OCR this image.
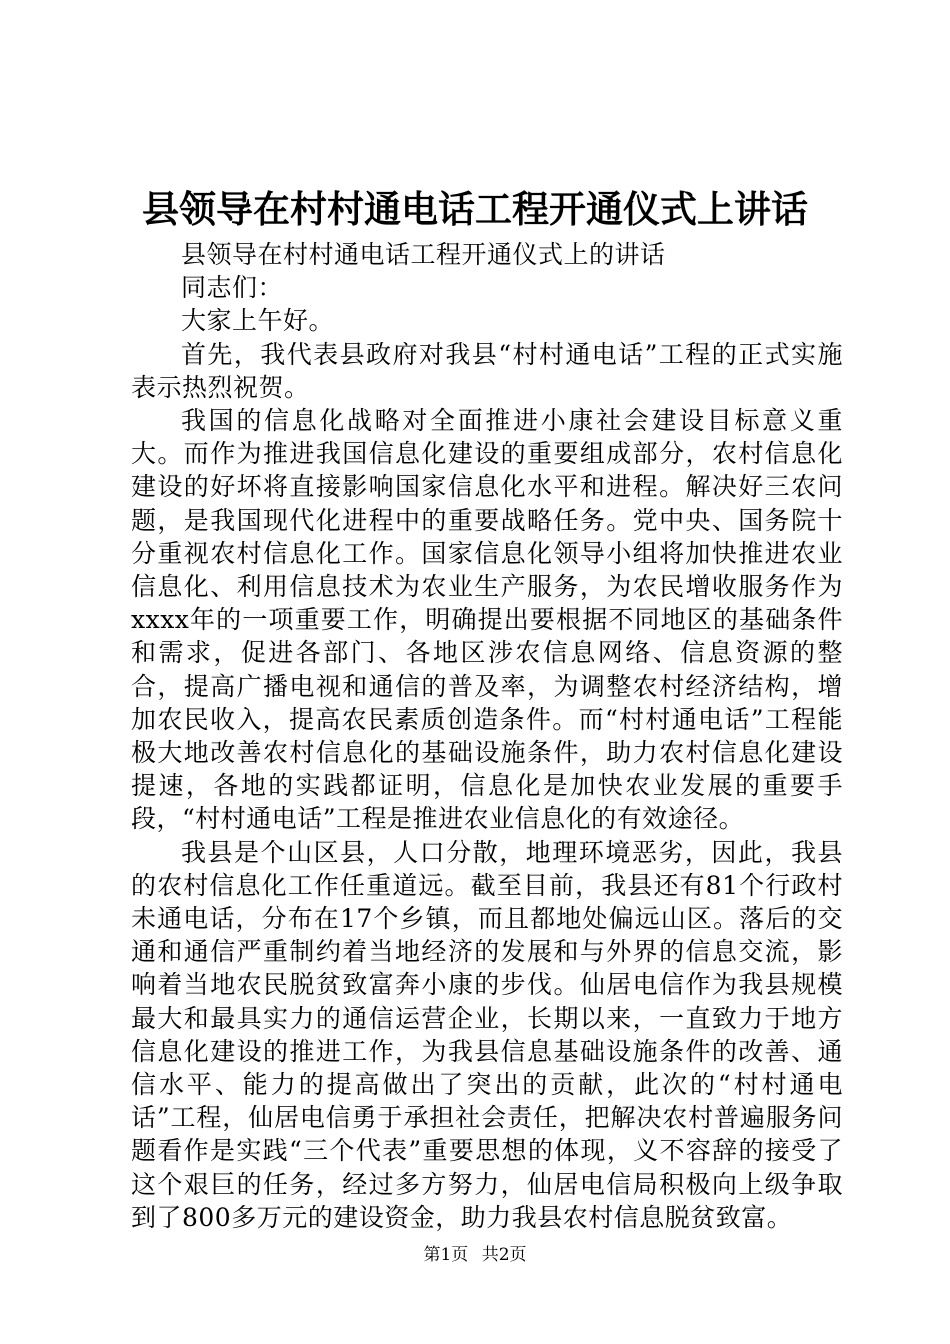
县领导在村村通电话工程开通仪式上讲话

县领导在村村通电话工程开通仪式上的讲话

同志们：

大家上午好。

首先，我代表县政府对我县“村村通电话”工程的正式实施表示热烈祝贺。

我国的信息化战略对全面推进小康社会建设目标意义重大。而作为推进我国信息化建设的重要组成部分，农村信息化建设的好坏将直接影响国家信息化水平和进程。解决好三农问题，是我国现代化进程中的重要战略任务。党中央、国务院十分重视农村信息化工作。国家信息化领导小组将加快推进农业信息化、利用信息技术为农业生产服务，为农民增收服务作为xxxx年的一项重要工作，明确提出要根据不同地区的基础条件和需求，促进各部门、各地区涉农信息网络、信息资源的整合，提高广播电视和通信的普及率，为调整农村经济结构，增加农民收入，提高农民素质创造条件。而“村村通电话”工程能极大地改善农村信息化的基础设施条件，助力农村信息化建设提速，各地的实践都证明，信息化是加快农业发展的重要手段，“村村通电话”工程是推进农业信息化的有效途径。

我县是个山区县，人口分散，地理环境恶劣，因此，我县的农村信息化工作任重道远。截至目前，我县还有81个行政村未通电话，分布在17个乡镇，而且都地处偏远山区。落后的交通和通信严重制约着当地经济的发展和与外界的信息交流，影响着当地农民脱贫致富奔小康的步伐。仙居电信作为我县规模最大和最具实力的通信运营企业，长期以来，一直致力于地方信息化建设的推进工作，为我县信息基础设施条件的改善、通信水平、能力的提高做出了突出的贡献，此次的“村村通电话”工程，仙居电信勇于承担社会责任，把解决农村普遍服务问题看作是实践“三个代表”重要思想的体现，义不容辞的接受了这个艰巨的任务，经过多方努力，仙居电信局积极向上级争取到了800多万元的建设资金，助力我县农村信息脱贫致富。

第1页 共2页
